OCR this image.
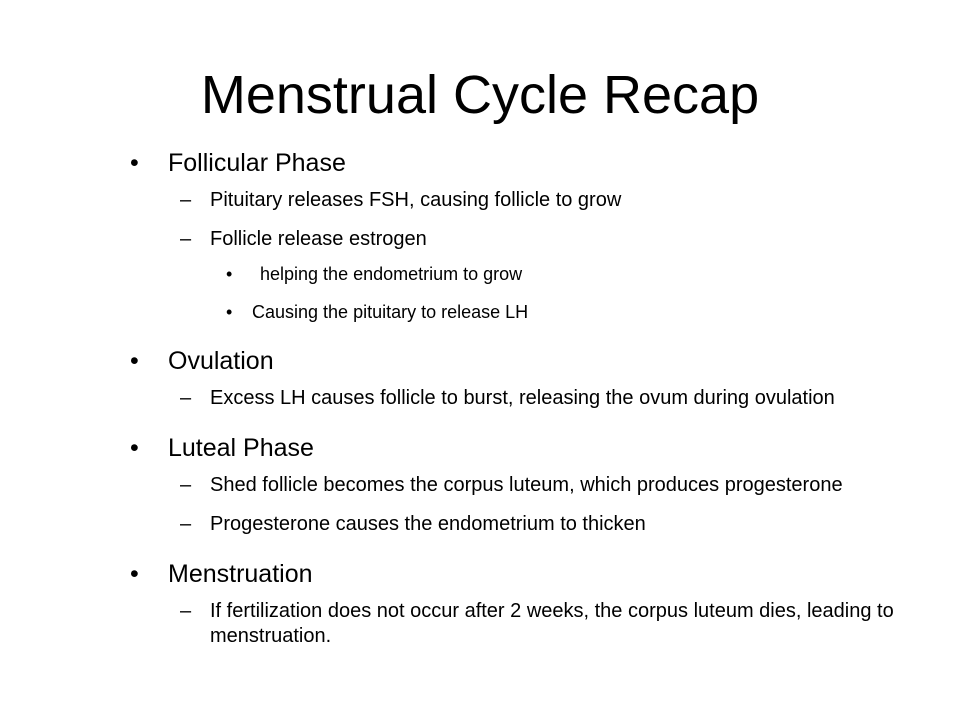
Menstrual Cycle Recap
• Follicular Phase
– Pituitary releases FSH, causing follicle to grow
– Follicle release estrogen
• helping the endometrium to grow
• Causing the pituitary to release LH
• Ovulation
– Excess LH causes follicle to burst, releasing the ovum during ovulation
• Luteal Phase
– Shed follicle becomes the corpus luteum, which produces progesterone
– Progesterone causes the endometrium to thicken
• Menstruation
– If fertilization does not occur after 2 weeks, the corpus luteum dies, leading to menstruation.
